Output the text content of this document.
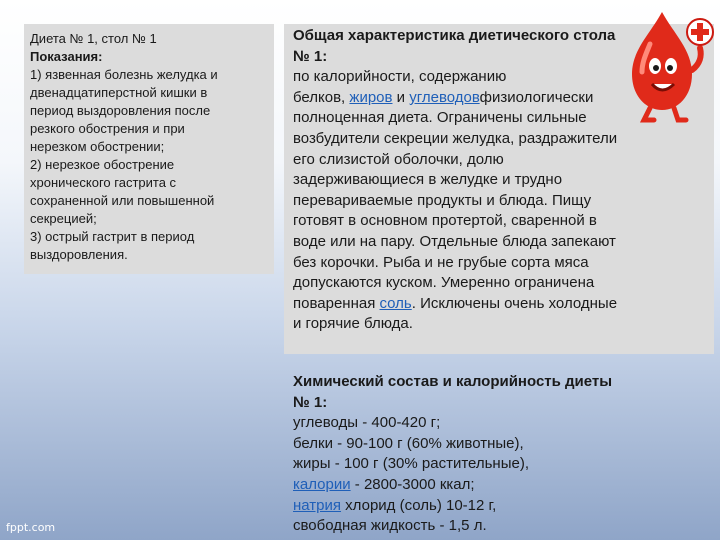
Диета № 1, стол № 1
Показания:
1) язвенная болезнь желудка и
двенадцатиперстной кишки в
период выздоровления после
резкого обострения и при
нерезком обострении;
2) нерезкое обострение
хронического гастрита с
сохраненной или повышенной
секрецией;
3) острый гастрит в период
выздоровления.
Общая характеристика диетического стола
№ 1:
по калорийности, содержанию
белков, жиров и углеводовфизиологически
полноценная диета. Ограничены сильные
возбудители секреции желудка, раздражители
его слизистой оболочки, долю
задерживающиеся в желудке и трудно
перевариваемые продукты и блюда. Пищу
готовят в основном протертой, сваренной в
воде или на пару. Отдельные блюда запекают
без корочки. Рыба и не грубые сорта мяса
допускаются куском. Умеренно ограничена
поваренная соль. Исключены очень холодные
и горячие блюда.
Химический состав и калорийность диеты
№ 1:
углеводы - 400-420 г;
белки - 90-100 г (60% животные),
жиры - 100 г (30% растительные),
калории - 2800-3000 ккал;
натрия хлорид (соль) 10-12 г,
свободная жидкость - 1,5 л.
fppt.com
